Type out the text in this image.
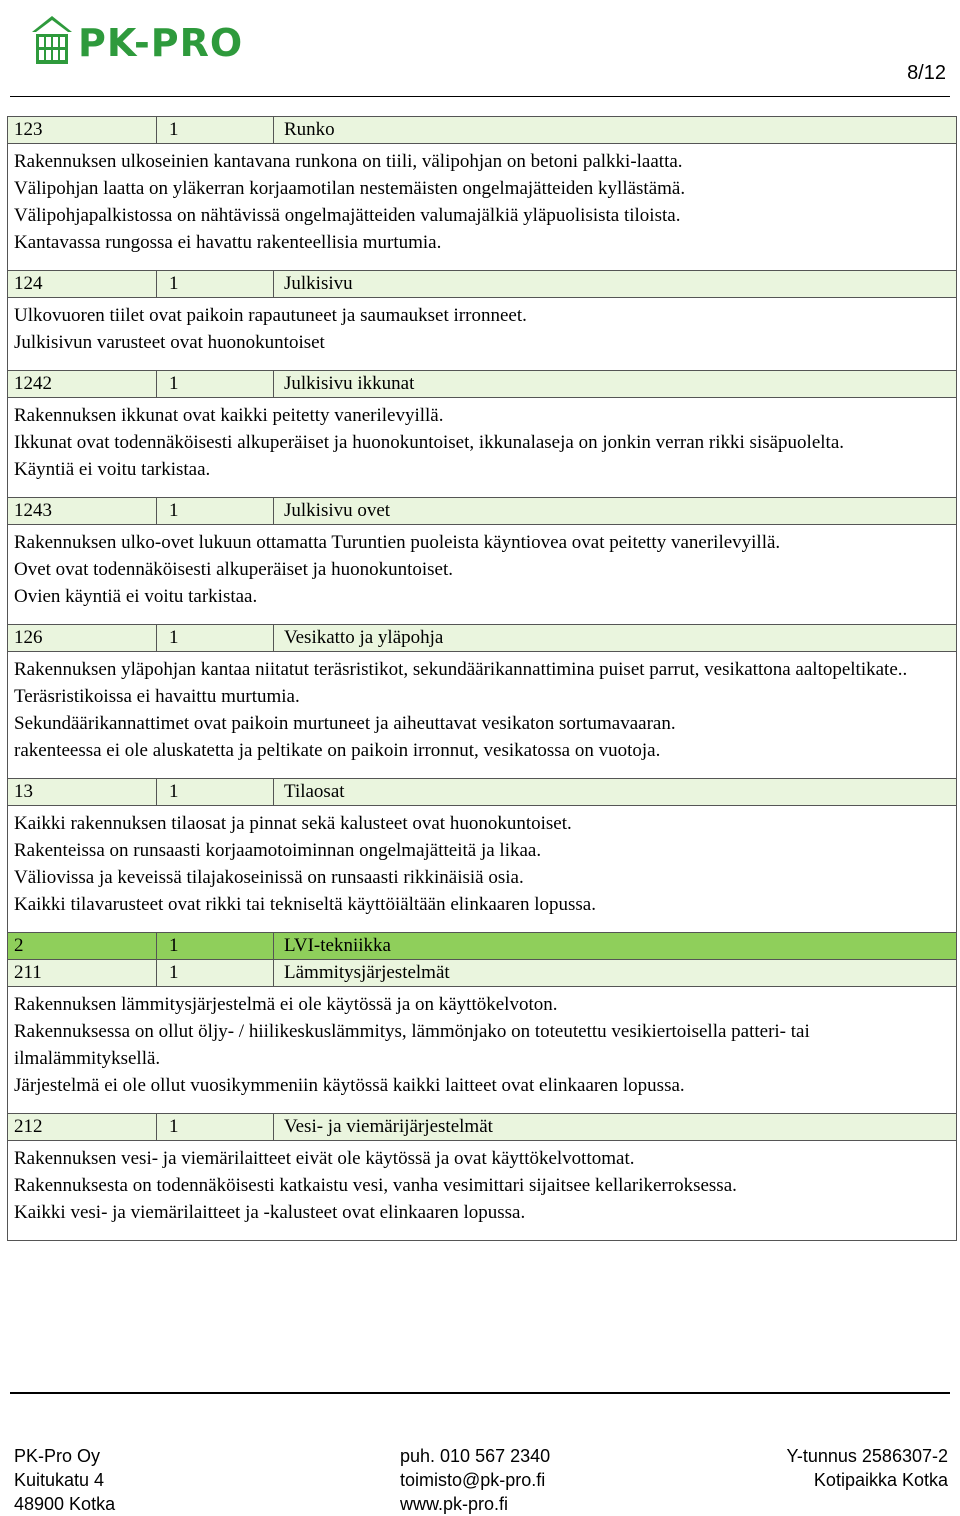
PK-PRO
8/12
123	1	Runko

Rakennuksen ulkoseinien kantavana runkona on tiili, välipohjan on betoni palkki-laatta.

Välipohjan laatta on yläkerran korjaamotilan nestemäisten ongelmajätteiden kyllästämä.

Välipohjapalkistossa on nähtävissä ongelmajätteiden valumajälkiä yläpuolisista tiloista.

Kantavassa rungossa ei havattu rakenteellisia murtumia.

124	1	Julkisivu

Ulkovuoren tiilet ovat paikoin rapautuneet ja saumaukset irronneet.

Julkisivun varusteet ovat huonokuntoiset

1242	1	Julkisivu ikkunat

Rakennuksen ikkunat ovat kaikki peitetty vanerilevyillä.

Ikkunat ovat todennäköisesti alkuperäiset ja huonokuntoiset, ikkunalaseja on jonkin verran rikki sisäpuolelta.

Käyntiä ei voitu tarkistaa.

1243	1	Julkisivu ovet

Rakennuksen ulko-ovet lukuun ottamatta Turuntien puoleista käyntiovea ovat peitetty vanerilevyillä.

Ovet ovat todennäköisesti alkuperäiset ja huonokuntoiset.

Ovien käyntiä ei voitu tarkistaa.

126	1	Vesikatto ja yläpohja

Rakennuksen yläpohjan kantaa niitatut teräsristikot, sekundäärikannattimina puiset parrut, vesikattona aaltopeltikate..

Teräsristikoissa ei havaittu murtumia.

Sekundäärikannattimet ovat paikoin murtuneet ja aiheuttavat vesikaton sortumavaaran.

rakenteessa ei ole aluskatetta ja peltikate on paikoin irronnut, vesikatossa on vuotoja.

13	1	Tilaosat

Kaikki rakennuksen tilaosat ja pinnat sekä kalusteet ovat huonokuntoiset.

Rakenteissa on runsaasti korjaamotoiminnan ongelmajätteitä ja likaa.

Väliovissa ja keveissä tilajakoseinissä on runsaasti rikkinäisiä osia.

Kaikki tilavarusteet ovat rikki tai tekniseltä käyttöiältään elinkaaren lopussa.

2	1	LVI-tekniikka
211	1	Lämmitysjärjestelmät

Rakennuksen lämmitysjärjestelmä ei ole käytössä ja on käyttökelvoton.

Rakennuksessa on ollut öljy- / hiilikeskuslämmitys, lämmönjako on toteutettu vesikiertoisella patteri- tai ilmalämmityksellä.

Järjestelmä ei ole ollut vuosikymmeniin käytössä kaikki laitteet ovat elinkaaren lopussa.

212	1	Vesi- ja viemärijärjestelmät

Rakennuksen vesi- ja viemärilaitteet eivät ole käytössä ja ovat käyttökelvottomat.

Rakennuksesta on todennäköisesti katkaistu vesi, vanha vesimittari sijaitsee kellarikerroksessa.

Kaikki vesi- ja viemärilaitteet ja -kalusteet ovat elinkaaren lopussa.

PK-Pro Oy
Kuitukatu 4
48900 Kotka
puh. 010 567 2340
toimisto@pk-pro.fi
www.pk-pro.fi
Y-tunnus 2586307-2
Kotipaikka Kotka
